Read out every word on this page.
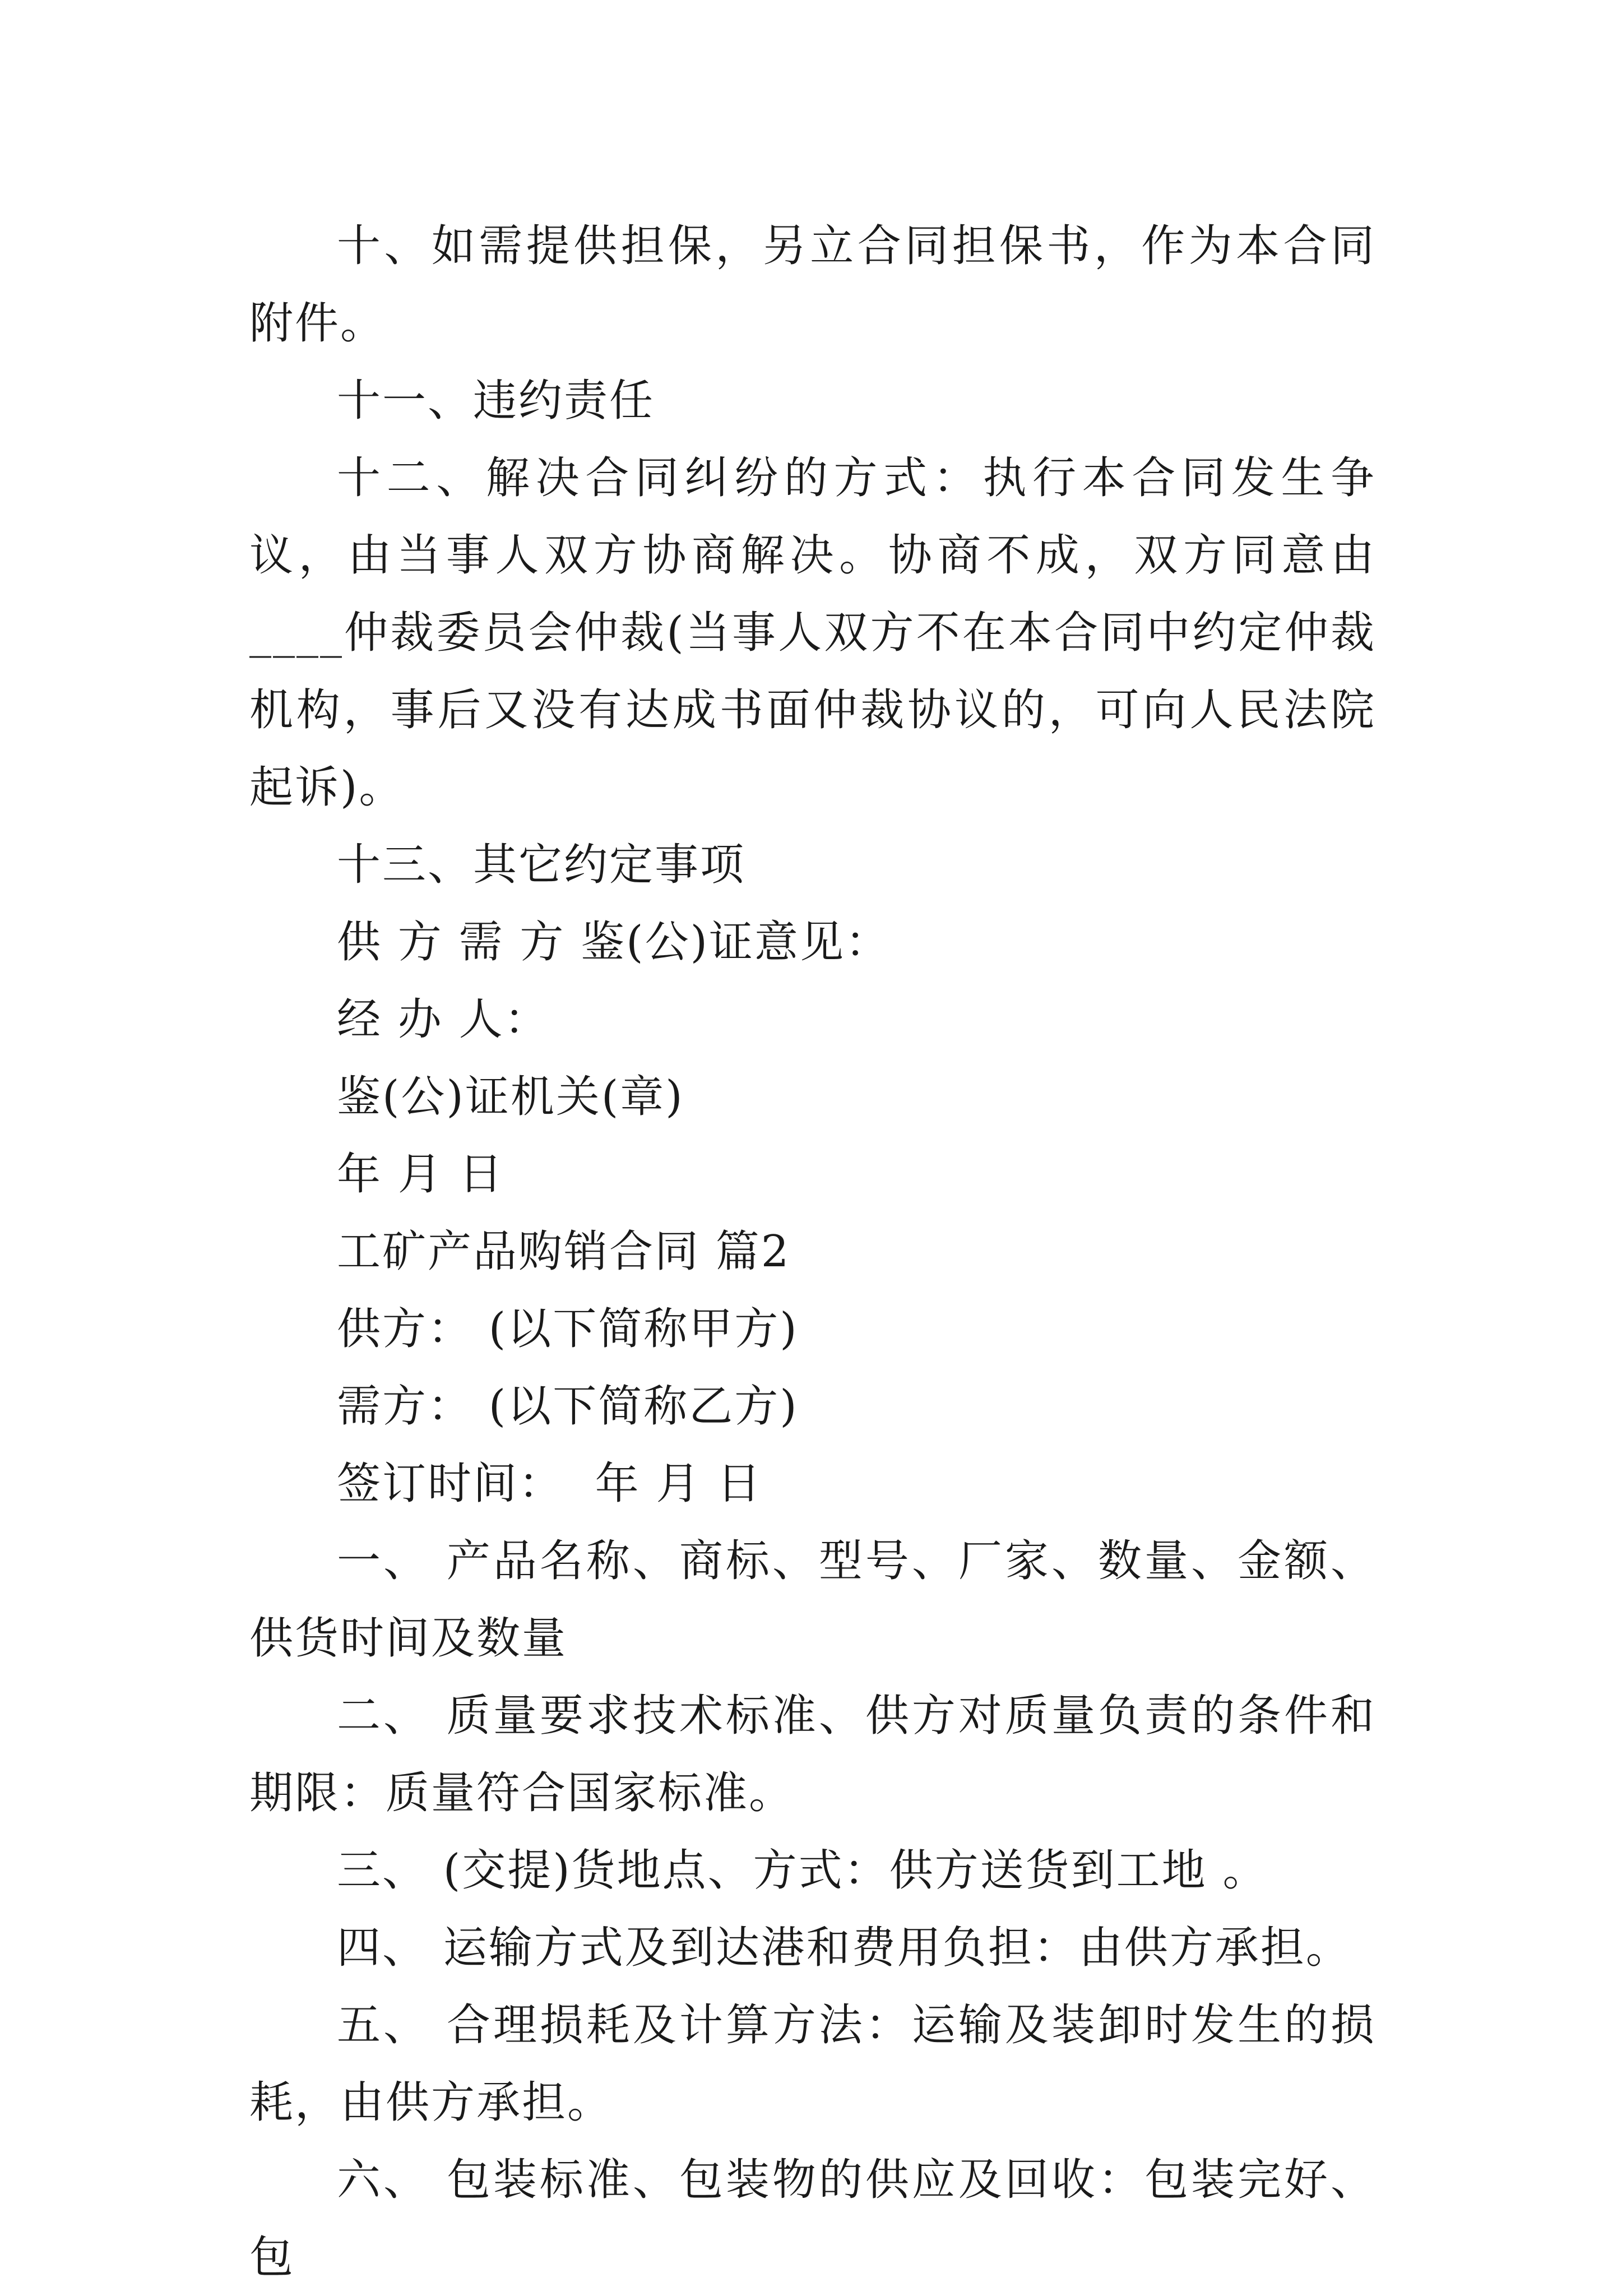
十、如需提供担保，另立合同担保书，作为本合同附件。

十一、违约责任

十二、解决合同纠纷的方式：执行本合同发生争议，由当事人双方协商解决。协商不成，双方同意由____仲裁委员会仲裁(当事人双方不在本合同中约定仲裁机构，事后又没有达成书面仲裁协议的，可向人民法院起诉)。

十三、其它约定事项

供 方 需 方 鉴(公)证意见：

经 办 人：

鉴(公)证机关(章)

年 月 日

工矿产品购销合同 篇2

供方： (以下简称甲方)

需方： (以下简称乙方)

签订时间：  年 月 日

一、 产品名称、商标、型号、厂家、数量、金额、供货时间及数量

二、 质量要求技术标准、供方对质量负责的条件和期限：质量符合国家标准。

三、 (交提)货地点、方式：供方送货到工地 。

四、 运输方式及到达港和费用负担：由供方承担。

五、 合理损耗及计算方法：运输及装卸时发生的损耗，由供方承担。

六、 包装标准、包装物的供应及回收：包装完好、包
